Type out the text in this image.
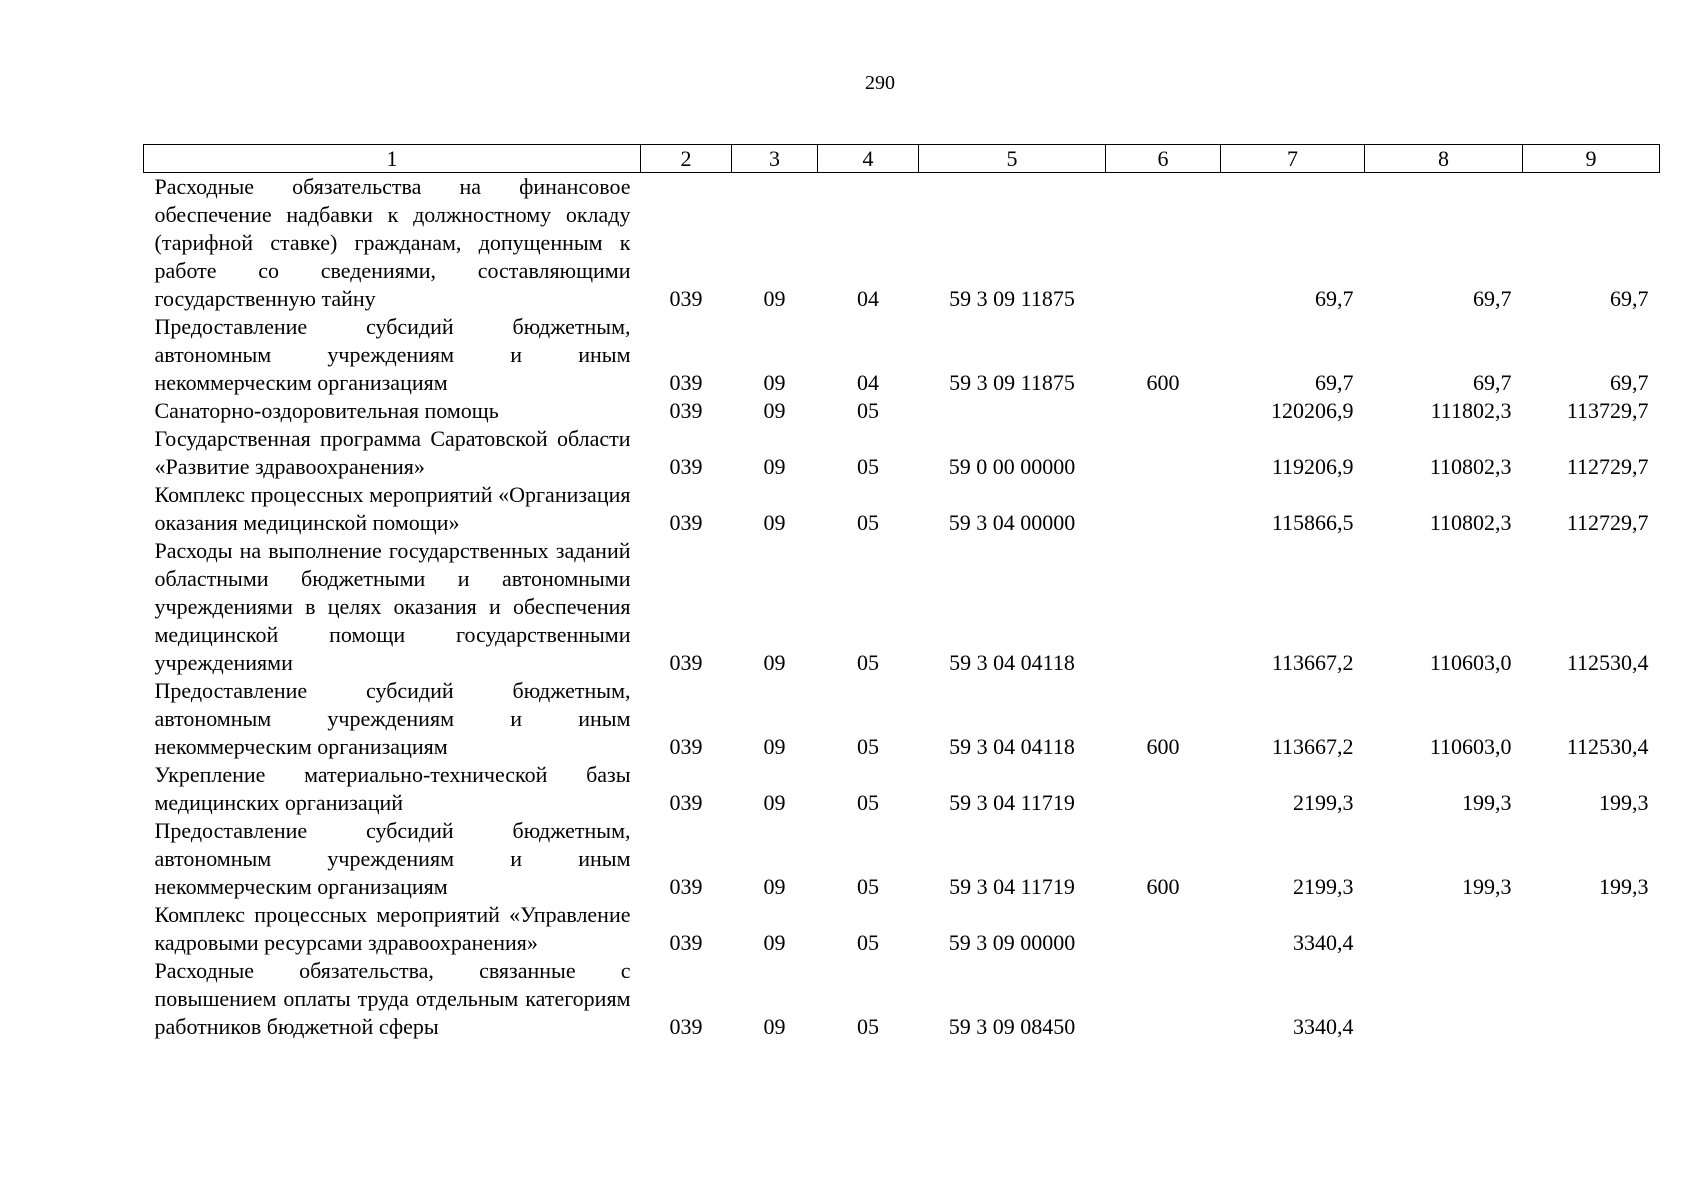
290
1	2	3	4	5	6	7	8	9
Расходные обязательства на финансовое обеспечение надбавки к должностному окладу (тарифной ставке) гражданам, допущенным к работе со сведениями, составляющими государственную тайну	039	09	04	59 3 09 11875		69,7	69,7	69,7
Предоставление субсидий бюджетным, автономным учреждениям и иным некоммерческим организациям	039	09	04	59 3 09 11875	600	69,7	69,7	69,7
Санаторно-оздоровительная помощь	039	09	05			120206,9	111802,3	113729,7
Государственная программа Саратовской области «Развитие здравоохранения»	039	09	05	59 0 00 00000		119206,9	110802,3	112729,7
Комплекс процессных мероприятий «Организация оказания медицинской помощи»	039	09	05	59 3 04 00000		115866,5	110802,3	112729,7
Расходы на выполнение государственных заданий областными бюджетными и автономными учреждениями в целях оказания и обеспечения медицинской помощи государственными учреждениями	039	09	05	59 3 04 04118		113667,2	110603,0	112530,4
Предоставление субсидий бюджетным, автономным учреждениям и иным некоммерческим организациям	039	09	05	59 3 04 04118	600	113667,2	110603,0	112530,4
Укрепление материально-технической базы медицинских организаций	039	09	05	59 3 04 11719		2199,3	199,3	199,3
Предоставление субсидий бюджетным, автономным учреждениям и иным некоммерческим организациям	039	09	05	59 3 04 11719	600	2199,3	199,3	199,3
Комплекс процессных мероприятий «Управление кадровыми ресурсами здравоохранения»	039	09	05	59 3 09 00000		3340,4		
Расходные обязательства, связанные с повышением оплаты труда отдельным категориям работников бюджетной сферы	039	09	05	59 3 09 08450		3340,4		
